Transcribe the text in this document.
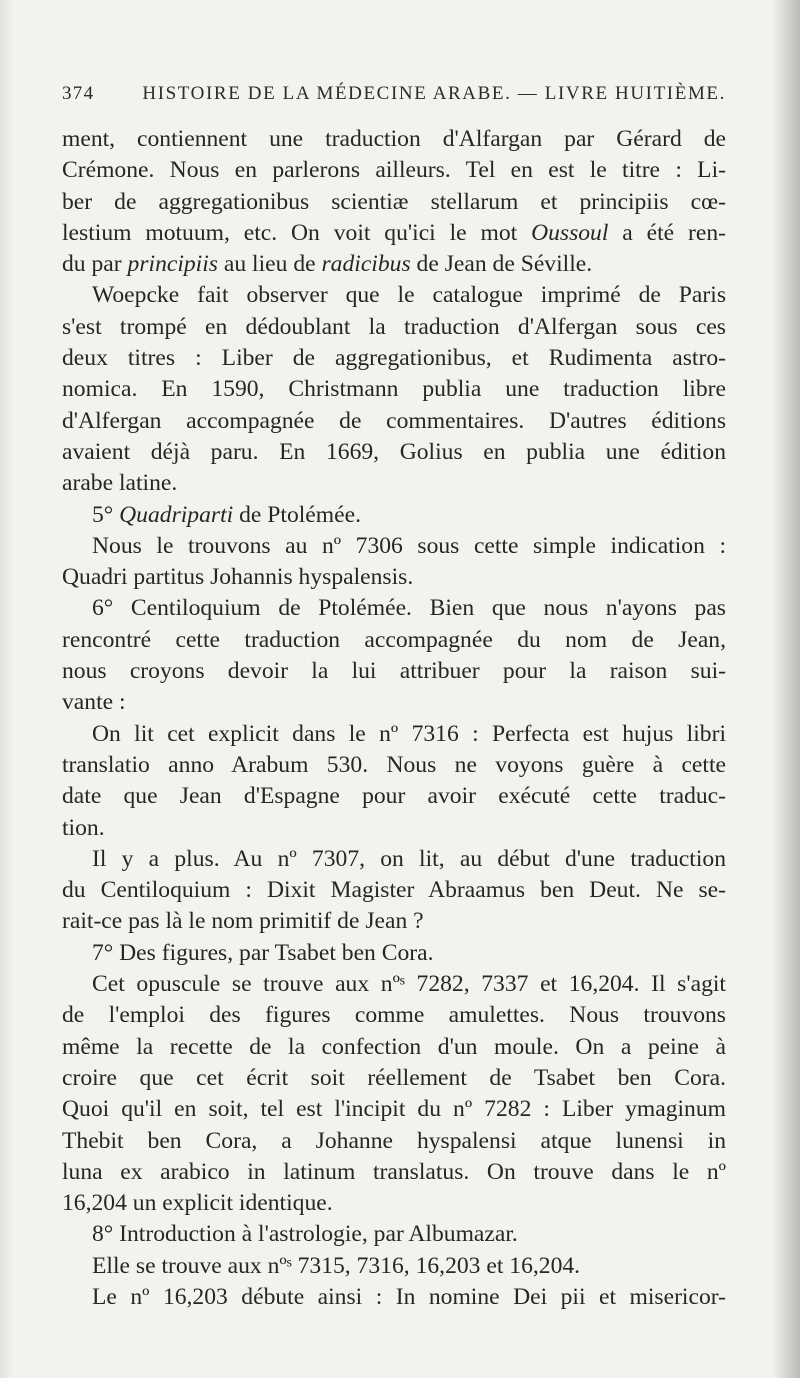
HISTOIRE DE LA MÉDECINE ARABE. — LIVRE HUITIÈME.
374
ment, contiennent une traduction d'Alfargan par Gérard de
Crémone. Nous en parlerons ailleurs. Tel en est le titre : Li-
ber de aggregationibus scientiæ stellarum et principiis cœ-
lestium motuum, etc. On voit qu'ici le mot Oussoul a été ren-
du par principiis au lieu de radicibus de Jean de Séville.
Woepcke fait observer que le catalogue imprimé de Paris
s'est trompé en dédoublant la traduction d'Alfergan sous ces
deux titres : Liber de aggregationibus, et Rudimenta astro-
nomica. En 1590, Christmann publia une traduction libre
d'Alfergan accompagnée de commentaires. D'autres éditions
avaient déjà paru. En 1669, Golius en publia une édition
arabe latine.
5° Quadriparti de Ptolémée.
Nous le trouvons au nº 7306 sous cette simple indication :
Quadri partitus Johannis hyspalensis.
6° Centiloquium de Ptolémée. Bien que nous n'ayons pas
rencontré cette traduction accompagnée du nom de Jean,
nous croyons devoir la lui attribuer pour la raison sui-
vante :
On lit cet explicit dans le nº 7316 : Perfecta est hujus libri
translatio anno Arabum 530. Nous ne voyons guère à cette
date que Jean d'Espagne pour avoir exécuté cette traduc-
tion.
Il y a plus. Au nº 7307, on lit, au début d'une traduction
du Centiloquium : Dixit Magister Abraamus ben Deut. Ne se-
rait-ce pas là le nom primitif de Jean ?
7° Des figures, par Tsabet ben Cora.
Cet opuscule se trouve aux nºˢ 7282, 7337 et 16,204. Il s'agit
de l'emploi des figures comme amulettes. Nous trouvons
même la recette de la confection d'un moule. On a peine à
croire que cet écrit soit réellement de Tsabet ben Cora.
Quoi qu'il en soit, tel est l'incipit du nº 7282 : Liber ymaginum
Thebit ben Cora, a Johanne hyspalensi atque lunensi in
luna ex arabico in latinum translatus. On trouve dans le nº
16,204 un explicit identique.
8° Introduction à l'astrologie, par Albumazar.
Elle se trouve aux nºˢ 7315, 7316, 16,203 et 16,204.
Le nº 16,203 débute ainsi : In nomine Dei pii et misericor-
